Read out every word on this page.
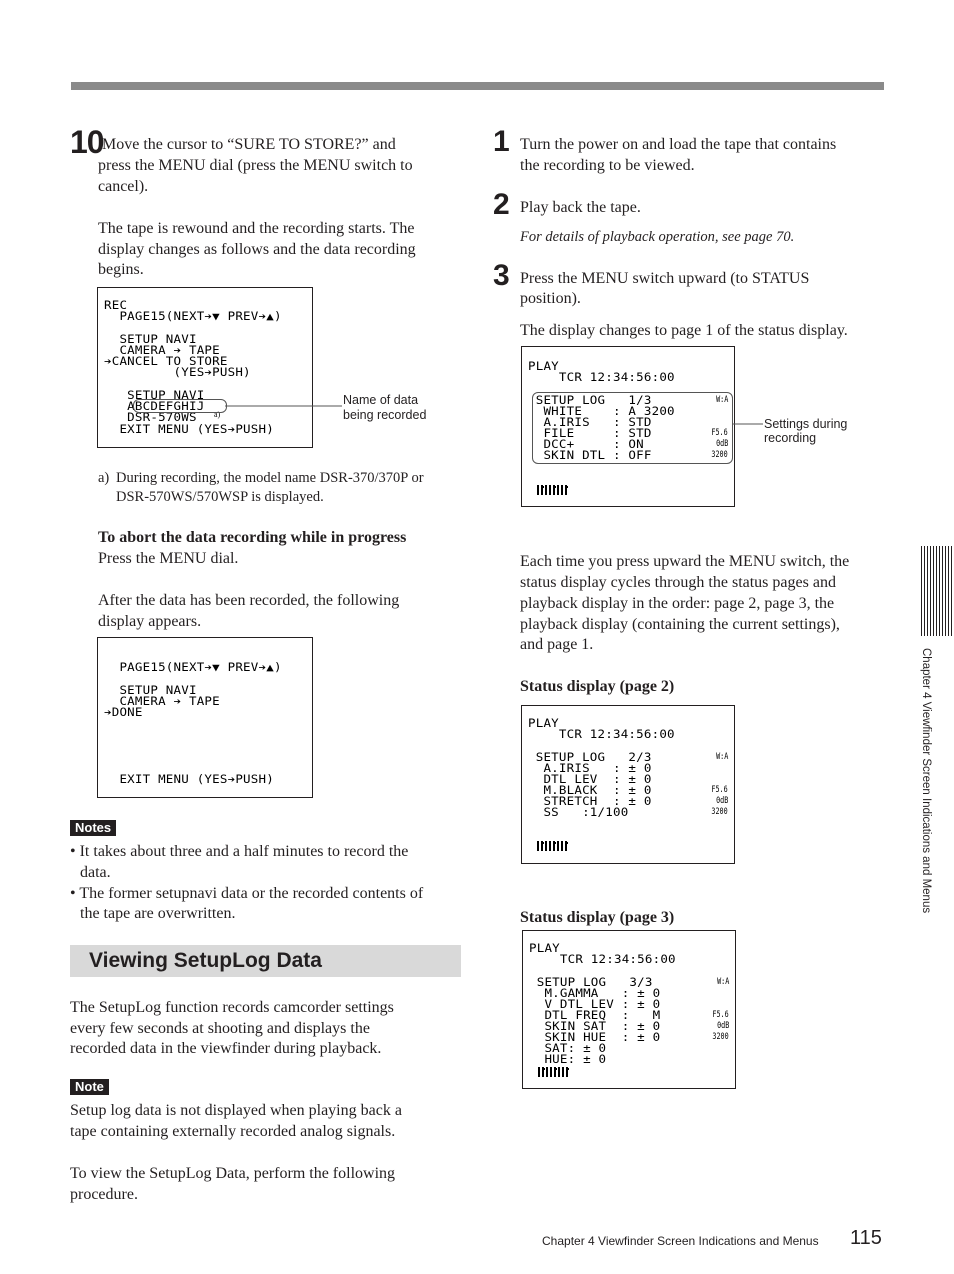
10
Move the cursor to “SURE TO STORE?” and
press the MENU dial (press the MENU switch to
cancel).
The tape is rewound and the recording starts. The
display changes as follows and the data recording
begins.
REC
PAGE15(NEXT➔▼ PREV➔▲)
SETUP NAVI
CAMERA ➔ TAPE
➔CANCEL TO STORE
(YES➔PUSH)
SETUP NAVI
ABCDEFGHIJ
DSR-570WS a)
EXIT MENU (YES➔PUSH)
Name of data
being recorded
a) During recording, the model name DSR-370/370P or
DSR-570WS/570WSP is displayed.
To abort the data recording while in progress
Press the MENU dial.
After the data has been recorded, the following
display appears.
PAGE15(NEXT➔▼ PREV➔▲)
SETUP NAVI
CAMERA ➔ TAPE
➔DONE
EXIT MENU (YES➔PUSH)
Notes
• It takes about three and a half minutes to record the
data.
• The former setupnavi data or the recorded contents of
the tape are overwritten.
Viewing SetupLog Data
The SetupLog function records camcorder settings
every few seconds at shooting and displays the
recorded data in the viewfinder during playback.
Note
Setup log data is not displayed when playing back a
tape containing externally recorded analog signals.
To view the SetupLog Data, perform the following
procedure.
1 Turn the power on and load the tape that contains
the recording to be viewed.
2 Play back the tape.
For details of playback operation, see page 70.
3 Press the MENU switch upward (to STATUS
position).
The display changes to page 1 of the status display.
PLAY
TCR 12:34:56:00
SETUP LOG   1/3
WHITE    : A 3200
A.IRIS   : STD
FILE     : STD
DCC+     : ON
SKIN DTL : OFF
W:A
F5.6
0dB
3200
Settings during
recording
Each time you press upward the MENU switch, the
status display cycles through the status pages and
playback display in the order: page 2, page 3, the
playback display (containing the current settings),
and page 1.
Status display (page 2)
PLAY
TCR 12:34:56:00
SETUP LOG   2/3
A.IRIS   : ± 0
DTL LEV  : ± 0
M.BLACK  : ± 0
STRETCH  : ± 0
SS   :1/100
W:A
F5.6
0dB
3200
Status display (page 3)
PLAY
TCR 12:34:56:00
SETUP LOG   3/3
M.GAMMA   : ± 0
V DTL LEV : ± 0
DTL FREQ  :   M
SKIN SAT  : ± 0
SKIN HUE  : ± 0
SAT: ± 0
HUE: ± 0
W:A
F5.6
0dB
3200
Chapter 4 Viewfinder Screen Indications and Menus
Chapter 4 Viewfinder Screen Indications and Menus 115
